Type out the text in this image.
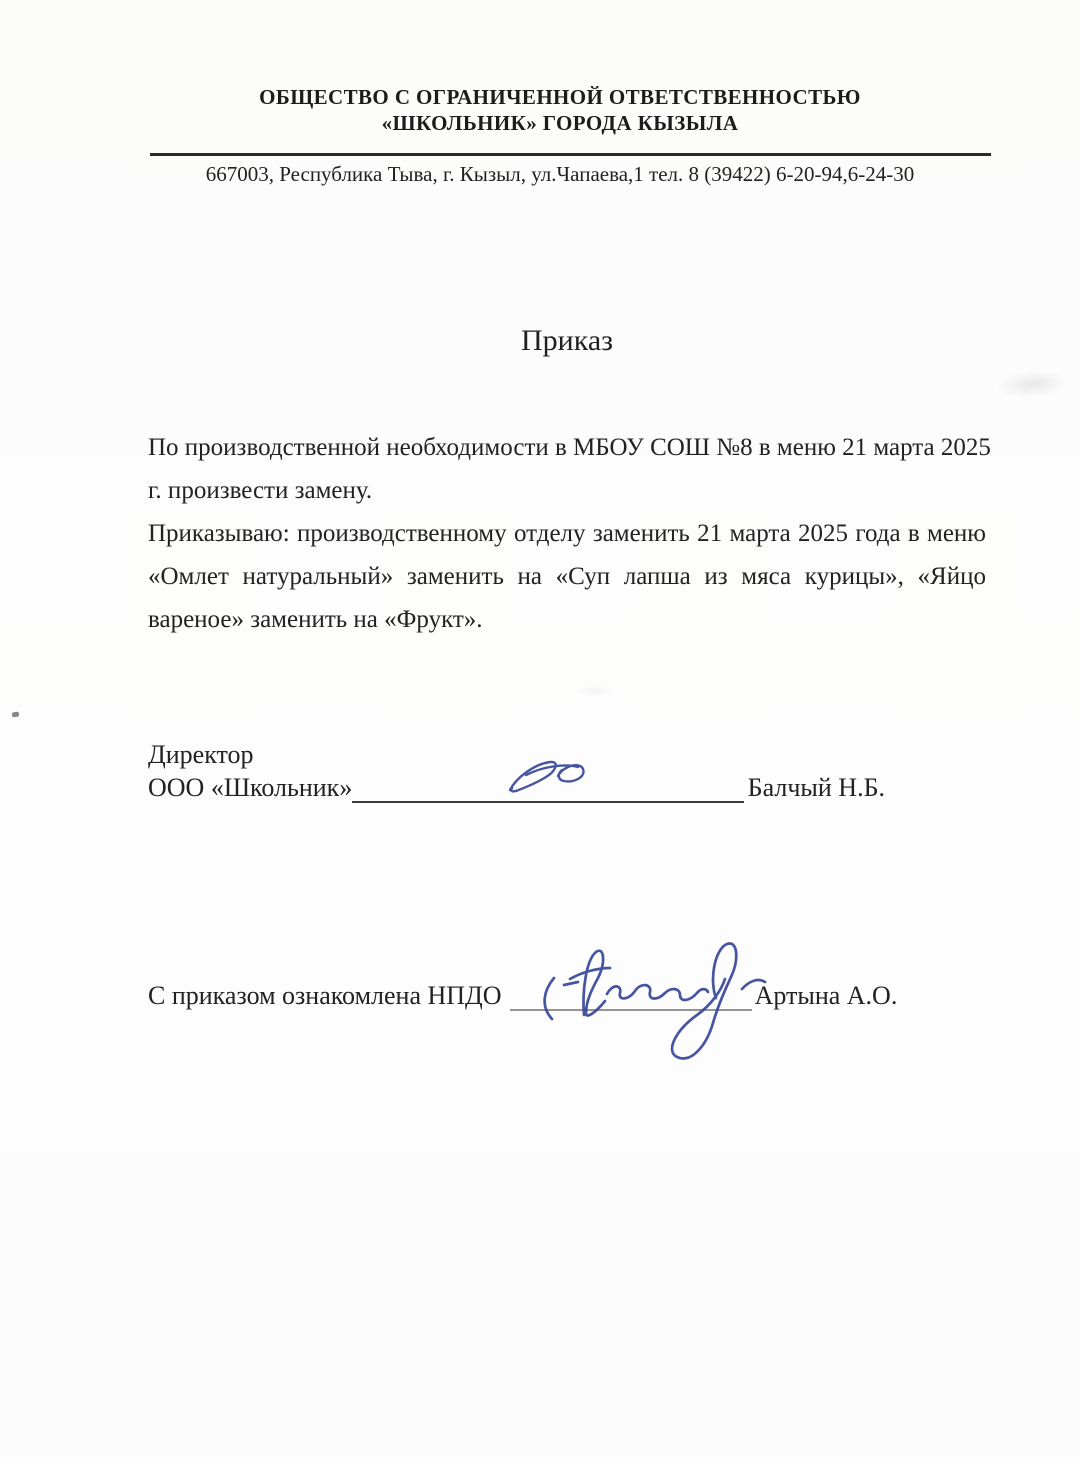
ОБЩЕСТВО С ОГРАНИЧЕННОЙ ОТВЕТСТВЕННОСТЬЮ
«ШКОЛЬНИК» ГОРОДА КЫЗЫЛА
667003, Республика Тыва, г. Кызыл, ул.Чапаева,1 тел. 8 (39422) 6-20-94,6-24-30
Приказ
По производственной необходимости в МБОУ СОШ №8 в меню 21 марта 2025
г. произвести замену.
Приказываю: производственному отделу заменить 21 марта 2025 года в меню
«Омлет натуральный» заменить на «Суп лапша из мяса курицы», «Яйцо
вареное» заменить на «Фрукт».
Директор
ООО «Школьник»	Балчый Н.Б.
С приказом ознакомлена НПДО	Артына А.О.
